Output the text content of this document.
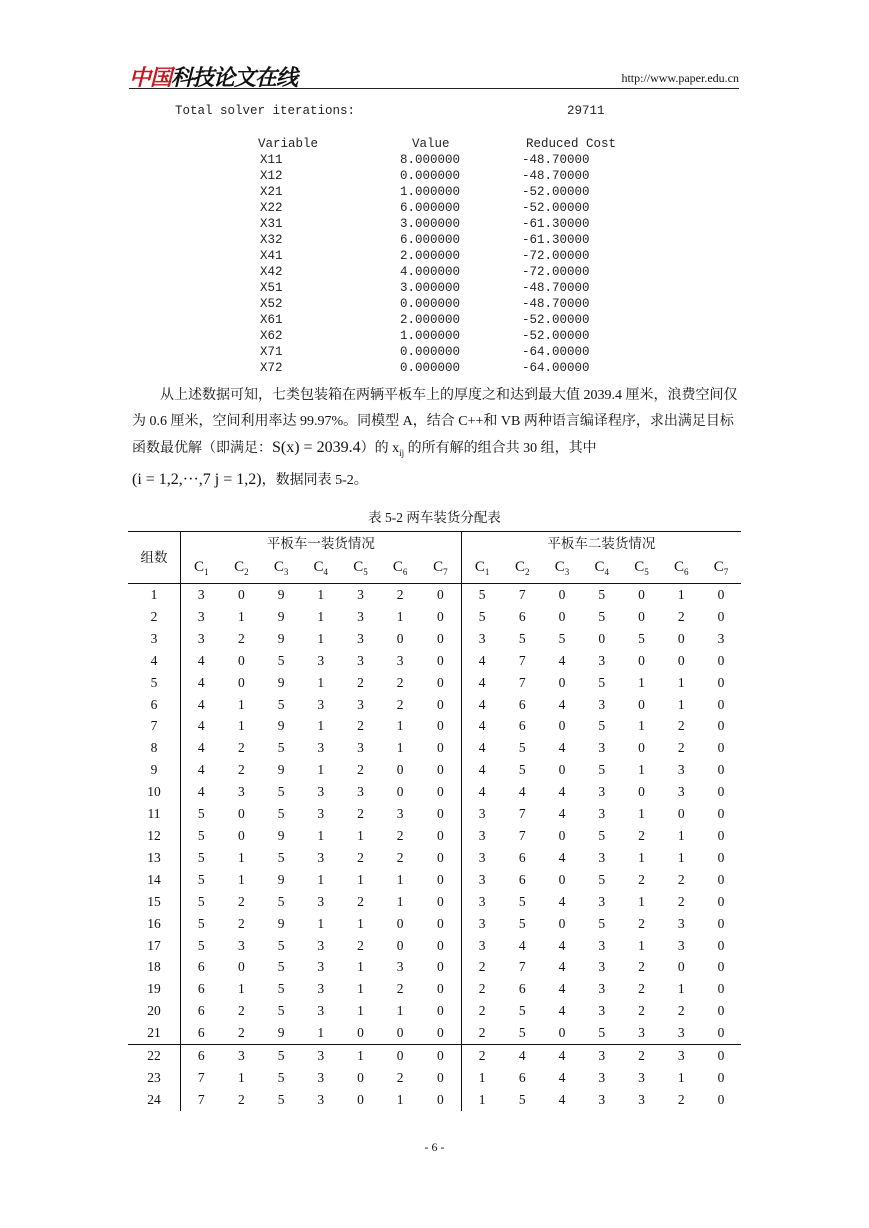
中国科技论文在线	http://www.paper.edu.cn
Total solver iterations:	29711
Variable	Value	Reduced Cost
X11	8.000000	-48.70000
X12	0.000000	-48.70000
X21	1.000000	-52.00000
X22	6.000000	-52.00000
X31	3.000000	-61.30000
X32	6.000000	-61.30000
X41	2.000000	-72.00000
X42	4.000000	-72.00000
X51	3.000000	-48.70000
X52	0.000000	-48.70000
X61	2.000000	-52.00000
X62	1.000000	-52.00000
X71	0.000000	-64.00000
X72	0.000000	-64.00000
从上述数据可知，七类包装箱在两辆平板车上的厚度之和达到最大值 2039.4 厘米，浪费空间仅为 0.6 厘米，空间利用率达 99.97%。同模型 A，结合 C++和 VB 两种语言编译程序，求出满足目标函数最优解（即满足：S(x) = 2039.4）的 $x_{ij}$ 的所有解的组合共 30 组，其中
(i = 1,2,···,7 j = 1,2)，数据同表 5-2。
表 5-2 两车装货分配表
组数	平板车一装货情况							平板车二装货情况						
	$C_1$	$C_2$	$C_3$	$C_4$	$C_5$	$C_6$	$C_7$	$C_1$	$C_2$	$C_3$	$C_4$	$C_5$	$C_6$	$C_7$
1	3	0	9	1	3	2	0	5	7	0	5	0	1	0
2	3	1	9	1	3	1	0	5	6	0	5	0	2	0
3	3	2	9	1	3	0	0	3	5	5	0	5	0	3
4	4	0	5	3	3	3	0	4	7	4	3	0	0	0
5	4	0	9	1	2	2	0	4	7	0	5	1	1	0
6	4	1	5	3	3	2	0	4	6	4	3	0	1	0
7	4	1	9	1	2	1	0	4	6	0	5	1	2	0
8	4	2	5	3	3	1	0	4	5	4	3	0	2	0
9	4	2	9	1	2	0	0	4	5	0	5	1	3	0
10	4	3	5	3	3	0	0	4	4	4	3	0	3	0
11	5	0	5	3	2	3	0	3	7	4	3	1	0	0
12	5	0	9	1	1	2	0	3	7	0	5	2	1	0
13	5	1	5	3	2	2	0	3	6	4	3	1	1	0
14	5	1	9	1	1	1	0	3	6	0	5	2	2	0
15	5	2	5	3	2	1	0	3	5	4	3	1	2	0
16	5	2	9	1	1	0	0	3	5	0	5	2	3	0
17	5	3	5	3	2	0	0	3	4	4	3	1	3	0
18	6	0	5	3	1	3	0	2	7	4	3	2	0	0
19	6	1	5	3	1	2	0	2	6	4	3	2	1	0
20	6	2	5	3	1	1	0	2	5	4	3	2	2	0
21	6	2	9	1	0	0	0	2	5	0	5	3	3	0
22	6	3	5	3	1	0	0	2	4	4	3	2	3	0
23	7	1	5	3	0	2	0	1	6	4	3	3	1	0
24	7	2	5	3	0	1	0	1	5	4	3	3	2	0
- 6 -
